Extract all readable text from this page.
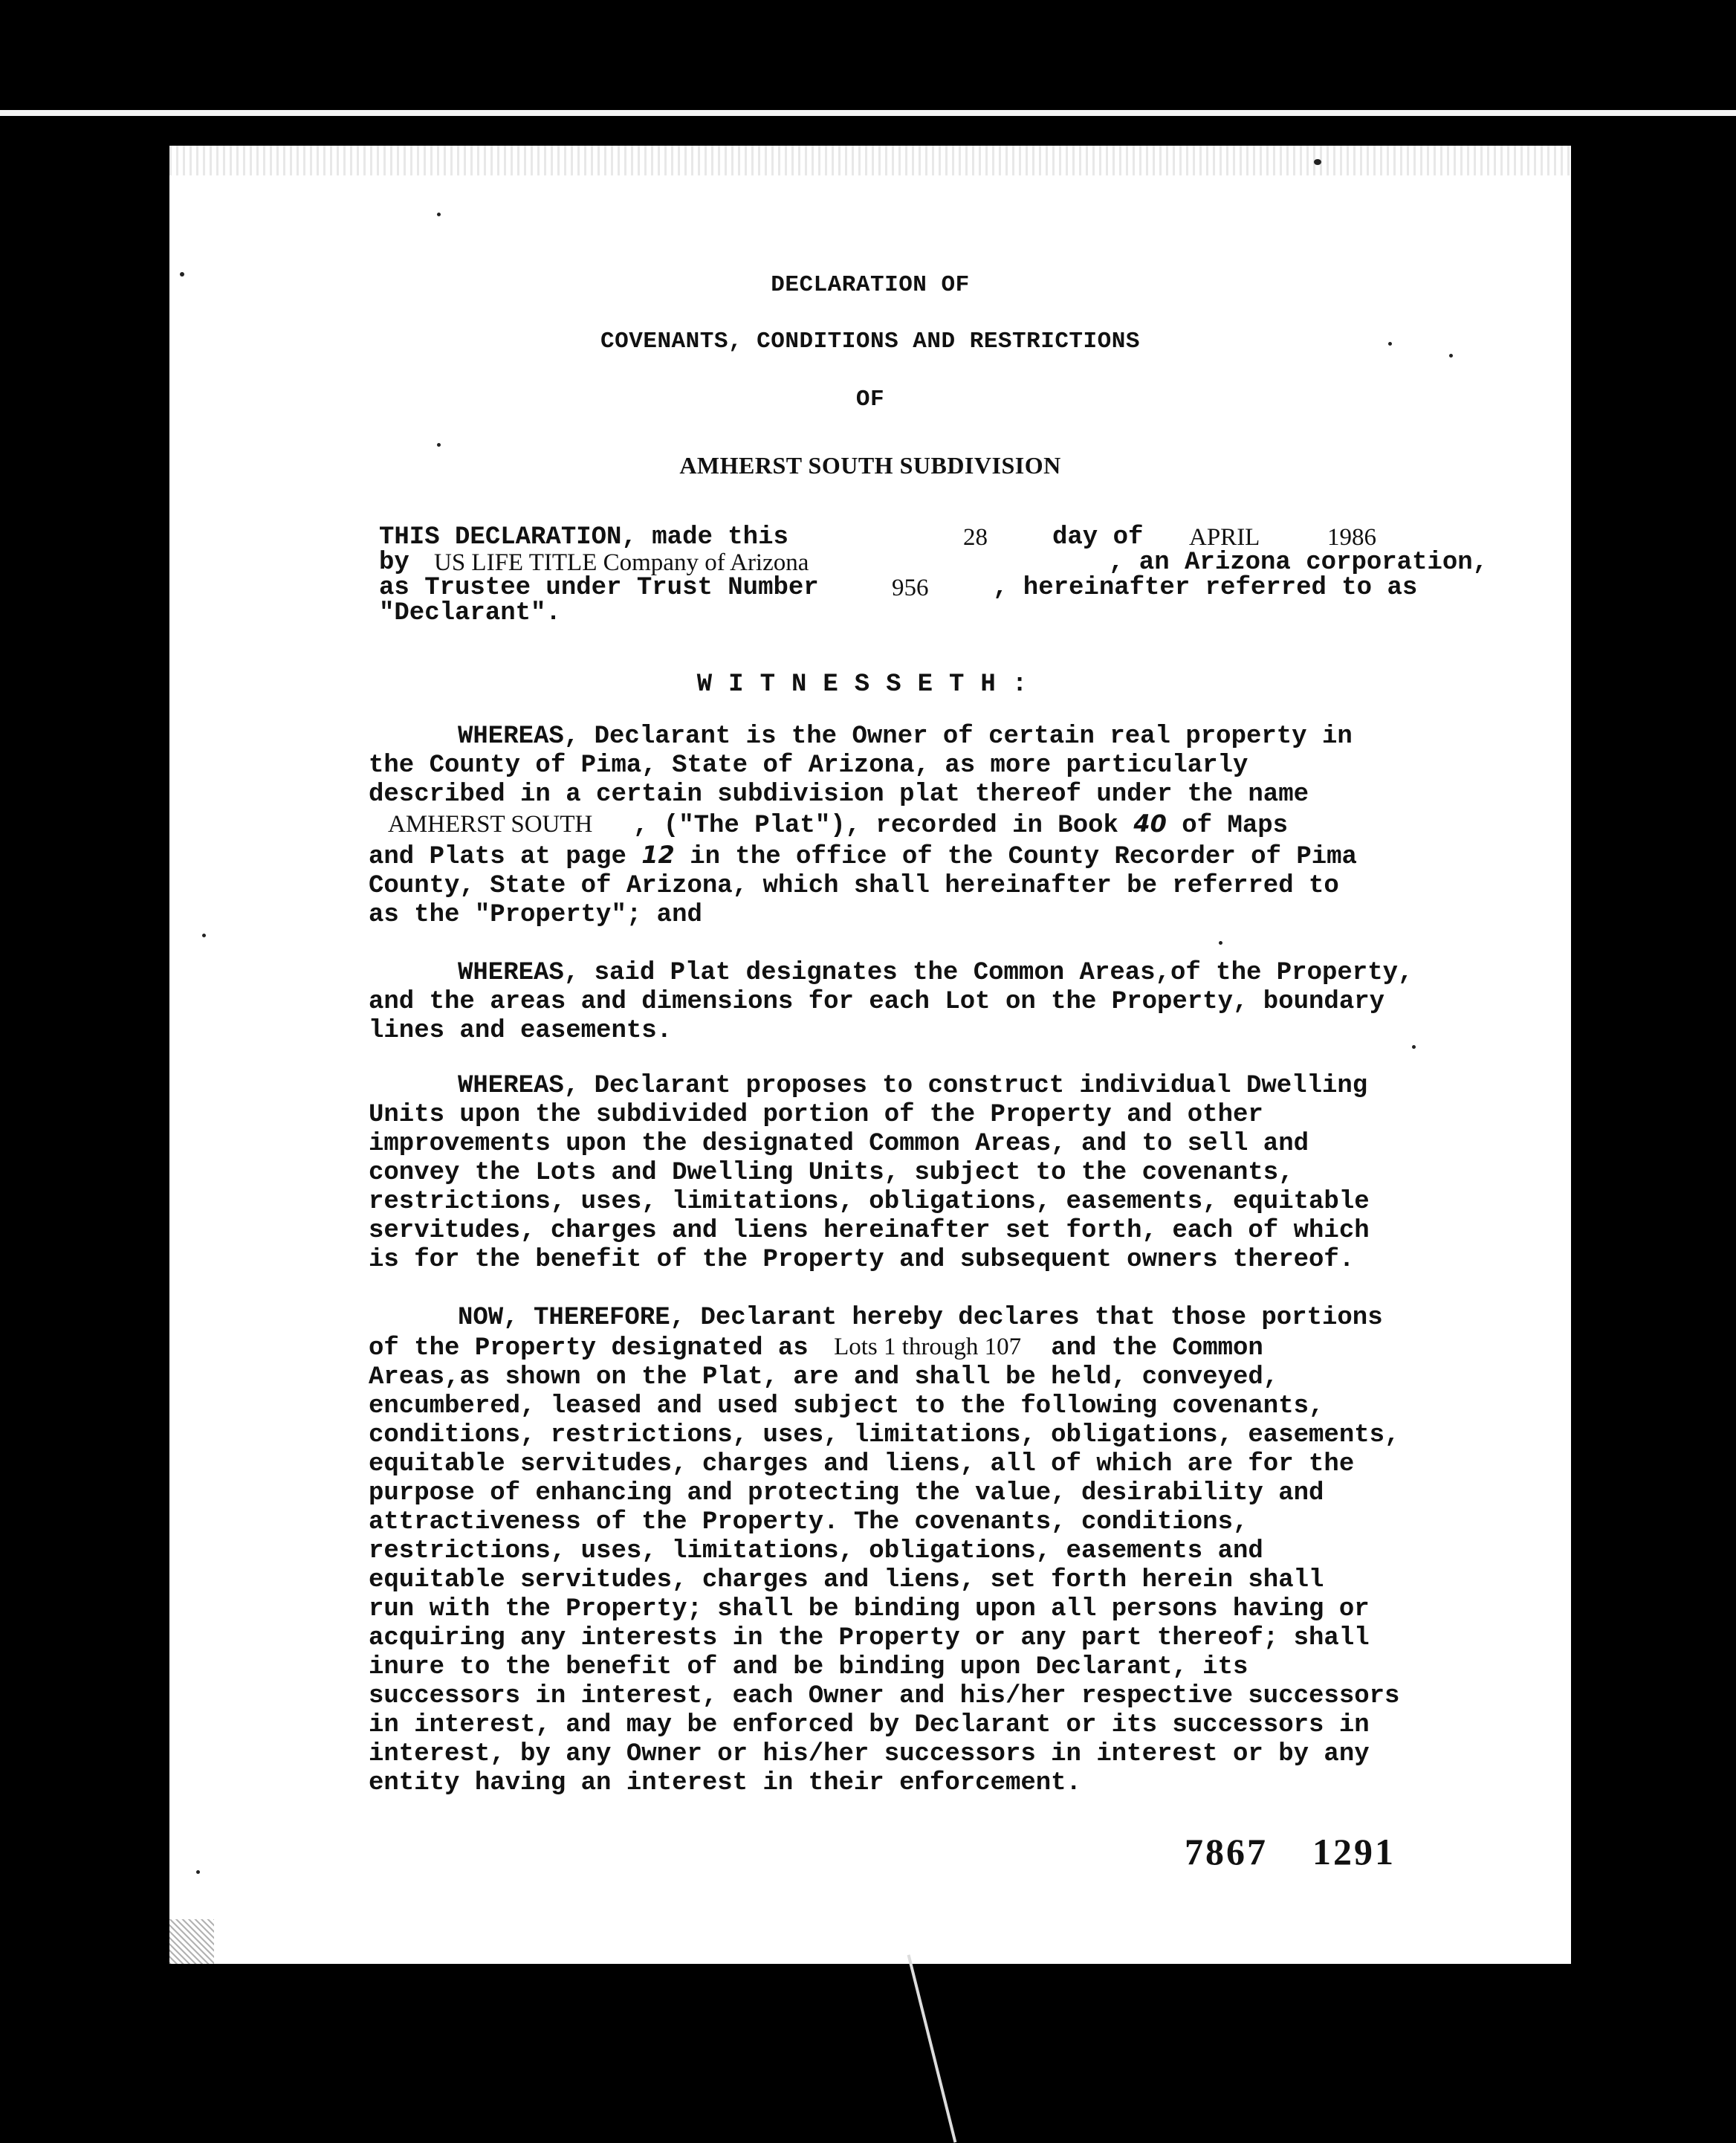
DECLARATION OF
COVENANTS, CONDITIONS AND RESTRICTIONS
OF
AMHERST SOUTH SUBDIVISION
THIS DECLARATION, made this	28	day of APRIL	1986
by US LIFE TITLE Company of Arizona	, an Arizona corporation,
as Trustee under Trust Number	956	, hereinafter referred to as
"Declarant".
WITNESSETH:
WHEREAS, Declarant is the Owner of certain real property in
the County of Pima, State of Arizona, as more particularly
described in a certain subdivision plat thereof under the name
AMHERST SOUTH , ("The Plat"), recorded in Book 40 of Maps
and Plats at page 12 in the office of the County Recorder of Pima
County, State of Arizona, which shall hereinafter be referred to
as the "Property"; and
WHEREAS, said Plat designates the Common Areas,of the Property,
and the areas and dimensions for each Lot on the Property, boundary
lines and easements.
WHEREAS, Declarant proposes to construct individual Dwelling
Units upon the subdivided portion of the Property and other
improvements upon the designated Common Areas, and to sell and
convey the Lots and Dwelling Units, subject to the covenants,
restrictions, uses, limitations, obligations, easements, equitable
servitudes, charges and liens hereinafter set forth, each of which
is for the benefit of the Property and subsequent owners thereof.
NOW, THEREFORE, Declarant hereby declares that those portions
of the Property designated as Lots 1 through 107 and the Common
Areas,as shown on the Plat, are and shall be held, conveyed,
encumbered, leased and used subject to the following covenants,
conditions, restrictions, uses, limitations, obligations, easements,
equitable servitudes, charges and liens, all of which are for the
purpose of enhancing and protecting the value, desirability and
attractiveness of the Property. The covenants, conditions,
restrictions, uses, limitations, obligations, easements and
equitable servitudes, charges and liens, set forth herein shall
run with the Property; shall be binding upon all persons having or
acquiring any interests in the Property or any part thereof; shall
inure to the benefit of and be binding upon Declarant, its
successors in interest, each Owner and his/her respective successors
in interest, and may be enforced by Declarant or its successors in
interest, by any Owner or his/her successors in interest or by any
entity having an interest in their enforcement.
7867 1291
